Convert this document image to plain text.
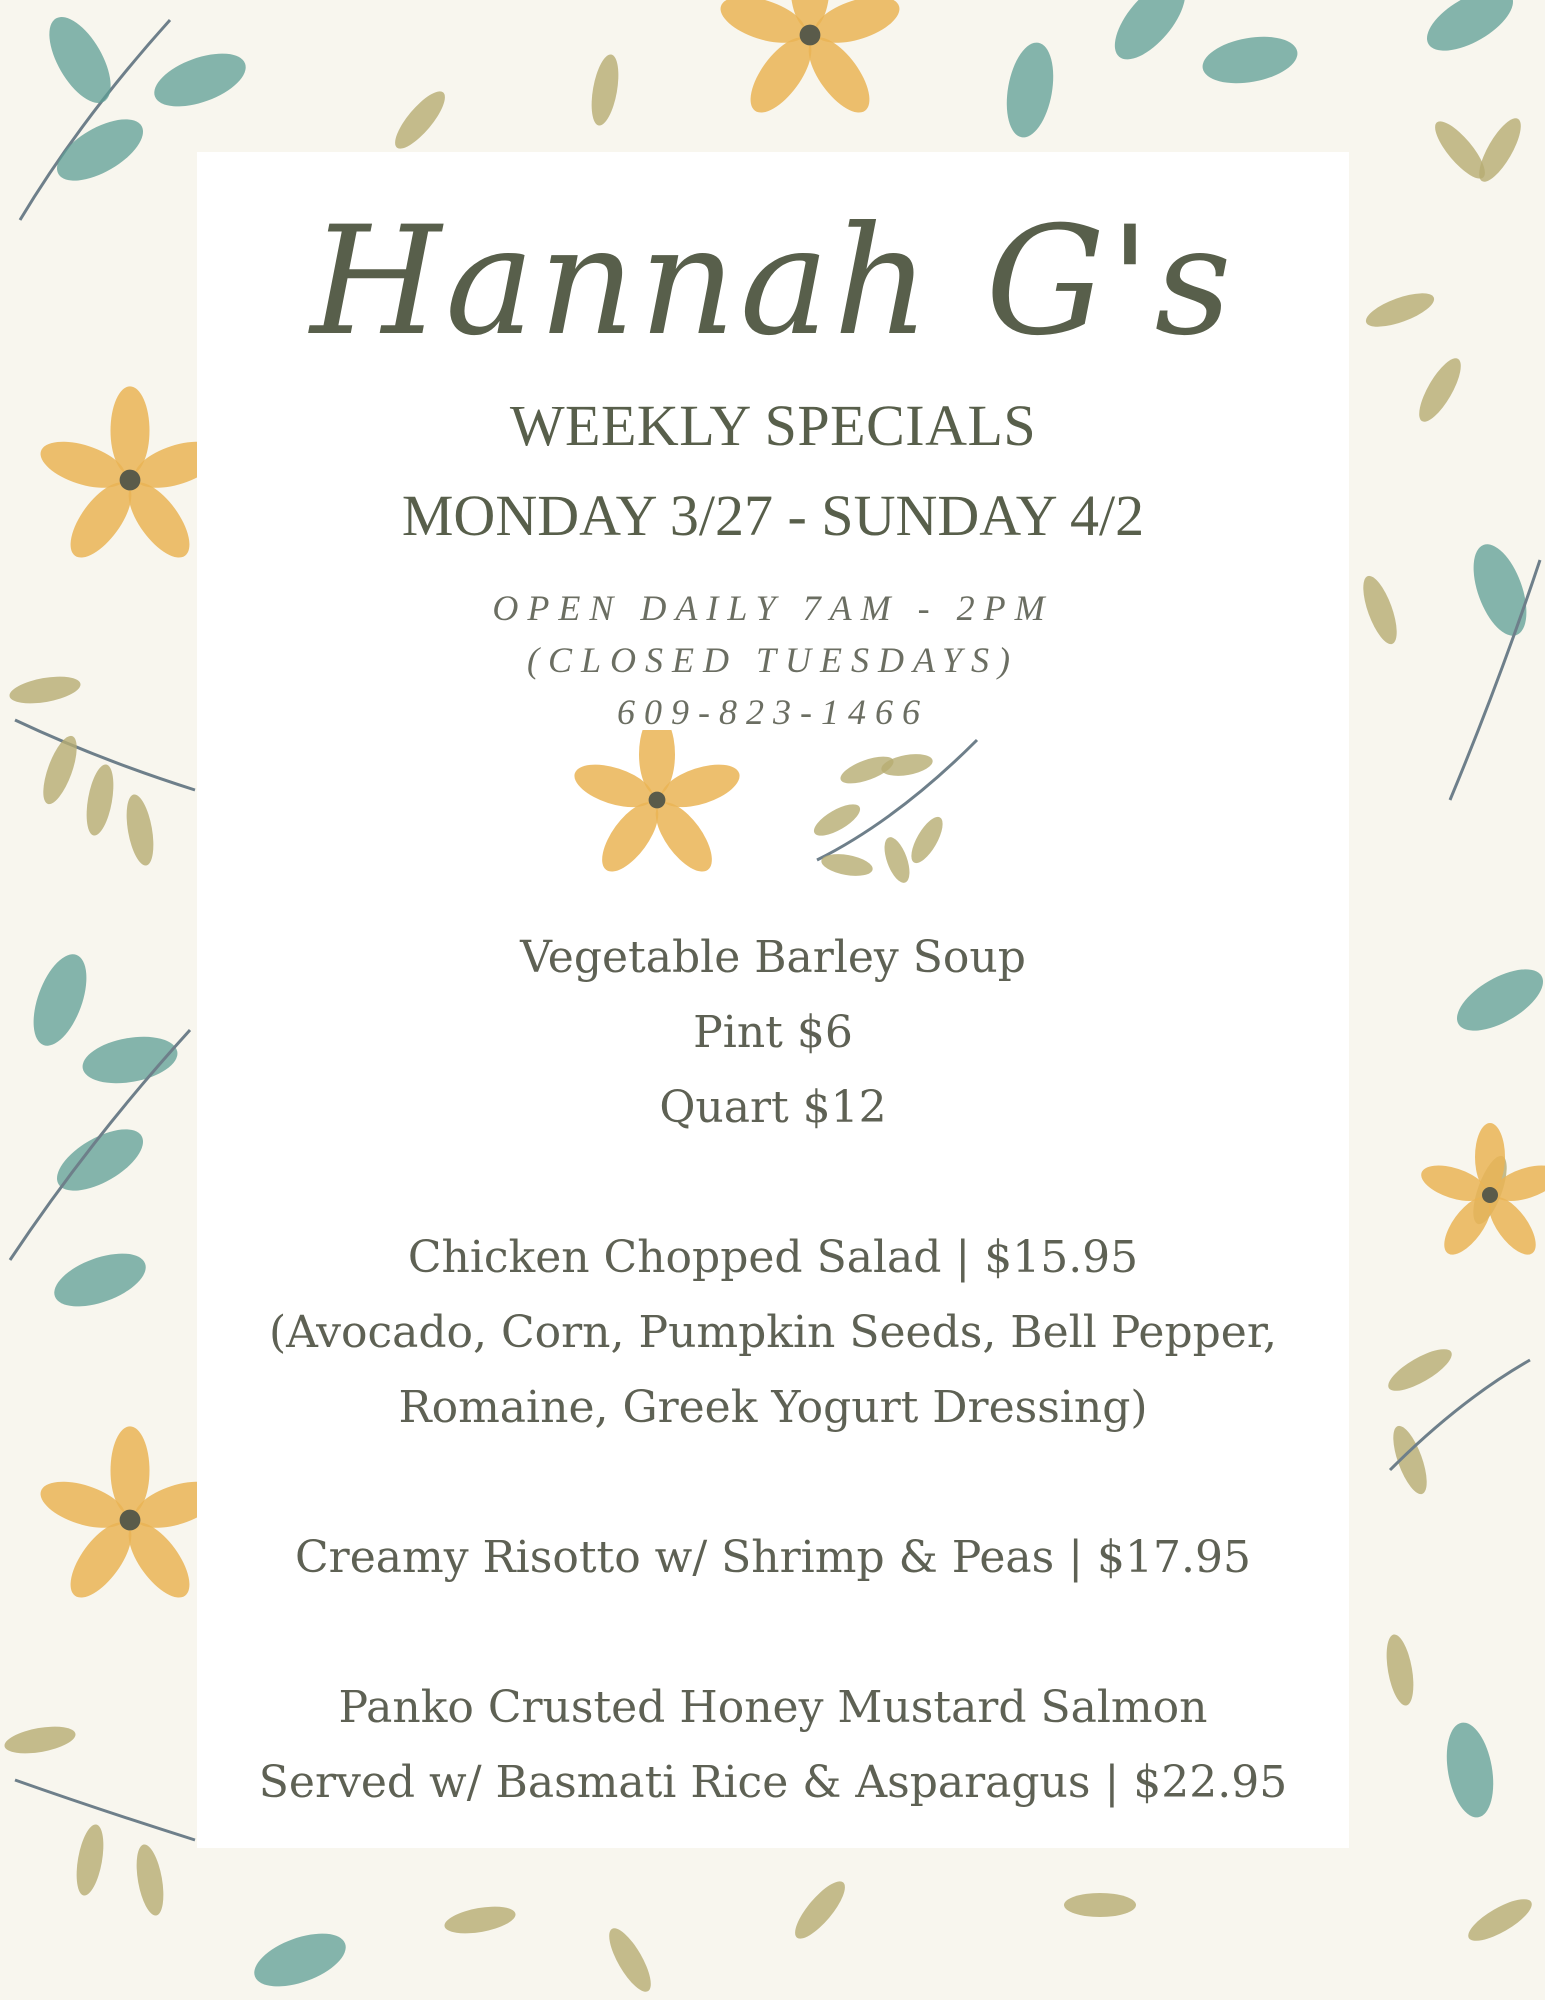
Hannah G's
WEEKLY SPECIALS
MONDAY 3/27 - SUNDAY 4/2
OPEN DAILY 7AM - 2PM
(CLOSED TUESDAYS)
609-823-1466
Vegetable Barley Soup
Pint $6
Quart $12
Chicken Chopped Salad | $15.95
(Avocado, Corn, Pumpkin Seeds, Bell Pepper,
Romaine, Greek Yogurt Dressing)
Creamy Risotto w/ Shrimp & Peas | $17.95
Panko Crusted Honey Mustard Salmon
Served w/ Basmati Rice & Asparagus | $22.95
